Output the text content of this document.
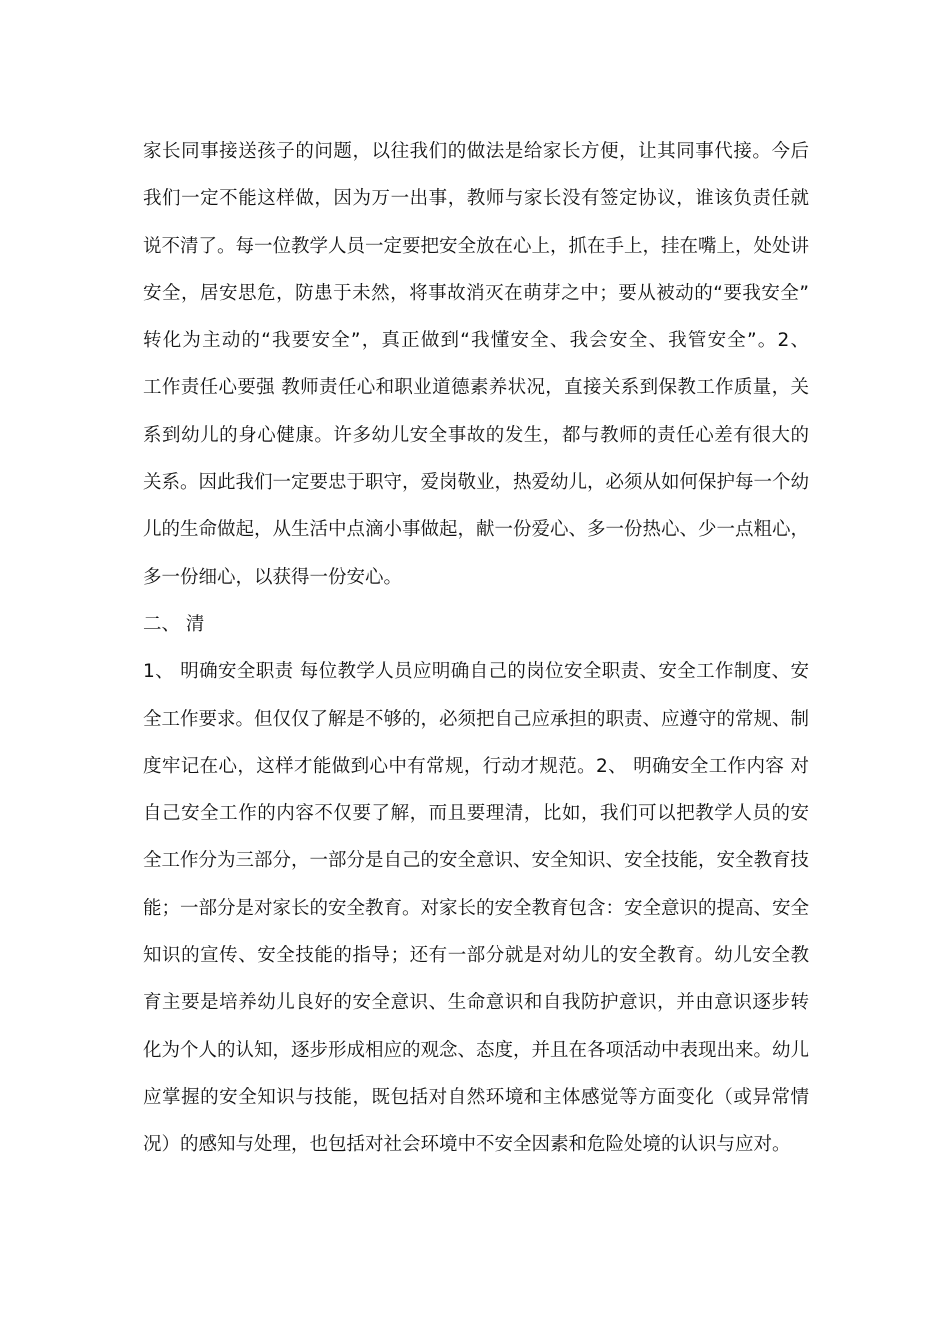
家长同事接送孩子的问题，以往我们的做法是给家长方便，让其同事代接。今后
我们一定不能这样做，因为万一出事，教师与家长没有签定协议，谁该负责任就
说不清了。每一位教学人员一定要把安全放在心上，抓在手上，挂在嘴上，处处讲
安全，居安思危，防患于未然，将事故消灭在萌芽之中；要从被动的“要我安全”
转化为主动的“我要安全”，真正做到“我懂安全、我会安全、我管安全”。2、
工作责任心要强 教师责任心和职业道德素养状况，直接关系到保教工作质量，关
系到幼儿的身心健康。许多幼儿安全事故的发生，都与教师的责任心差有很大的
关系。因此我们一定要忠于职守，爱岗敬业，热爱幼儿，必须从如何保护每一个幼
儿的生命做起，从生活中点滴小事做起，献一份爱心、多一份热心、少一点粗心，
多一份细心，以获得一份安心。
二、 清
1、 明确安全职责 每位教学人员应明确自己的岗位安全职责、安全工作制度、安
全工作要求。但仅仅了解是不够的，必须把自己应承担的职责、应遵守的常规、制
度牢记在心，这样才能做到心中有常规，行动才规范。2、 明确安全工作内容 对
自己安全工作的内容不仅要了解，而且要理清，比如，我们可以把教学人员的安
全工作分为三部分，一部分是自己的安全意识、安全知识、安全技能，安全教育技
能；一部分是对家长的安全教育。对家长的安全教育包含：安全意识的提高、安全
知识的宣传、安全技能的指导；还有一部分就是对幼儿的安全教育。幼儿安全教
育主要是培养幼儿良好的安全意识、生命意识和自我防护意识，并由意识逐步转
化为个人的认知，逐步形成相应的观念、态度，并且在各项活动中表现出来。幼儿
应掌握的安全知识与技能，既包括对自然环境和主体感觉等方面变化（或异常情
况）的感知与处理，也包括对社会环境中不安全因素和危险处境的认识与应对。
